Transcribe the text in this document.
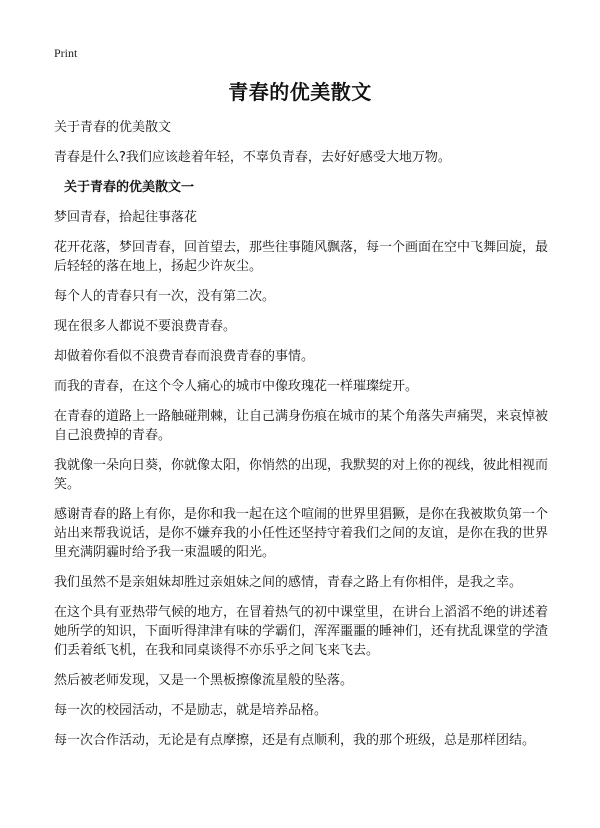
Print
青春的优美散文

关于青春的优美散文

青春是什么?我们应该趁着年轻，不辜负青春，去好好感受大地万物。

关于青春的优美散文一

梦回青春，拾起往事落花

花开花落，梦回青春，回首望去，那些往事随风飘落，每一个画面在空中飞舞回旋，最后轻轻的落在地上，扬起少许灰尘。

每个人的青春只有一次，没有第二次。

现在很多人都说不要浪费青春。

却做着你看似不浪费青春而浪费青春的事情。

而我的青春，在这个令人痛心的城市中像玫瑰花一样璀璨绽开。

在青春的道路上一路触碰荆棘，让自己满身伤痕在城市的某个角落失声痛哭，来哀悼被自己浪费掉的青春。

我就像一朵向日葵，你就像太阳，你悄然的出现，我默契的对上你的视线，彼此相视而笑。

感谢青春的路上有你，是你和我一起在这个喧闹的世界里猖獗，是你在我被欺负第一个站出来帮我说话，是你不嫌弃我的小任性还坚持守着我们之间的友谊，是你在我的世界里充满阴霾时给予我一束温暖的阳光。

我们虽然不是亲姐妹却胜过亲姐妹之间的感情，青春之路上有你相伴，是我之幸。

在这个具有亚热带气候的地方，在冒着热气的初中课堂里，在讲台上滔滔不绝的讲述着她所学的知识，下面听得津津有味的学霸们，浑浑噩噩的睡神们，还有扰乱课堂的学渣们丢着纸飞机，在我和同桌谈得不亦乐乎之间飞来飞去。

然后被老师发现，又是一个黑板擦像流星般的坠落。

每一次的校园活动，不是励志，就是培养品格。

每一次合作活动，无论是有点摩擦，还是有点顺利，我的那个班级，总是那样团结。
